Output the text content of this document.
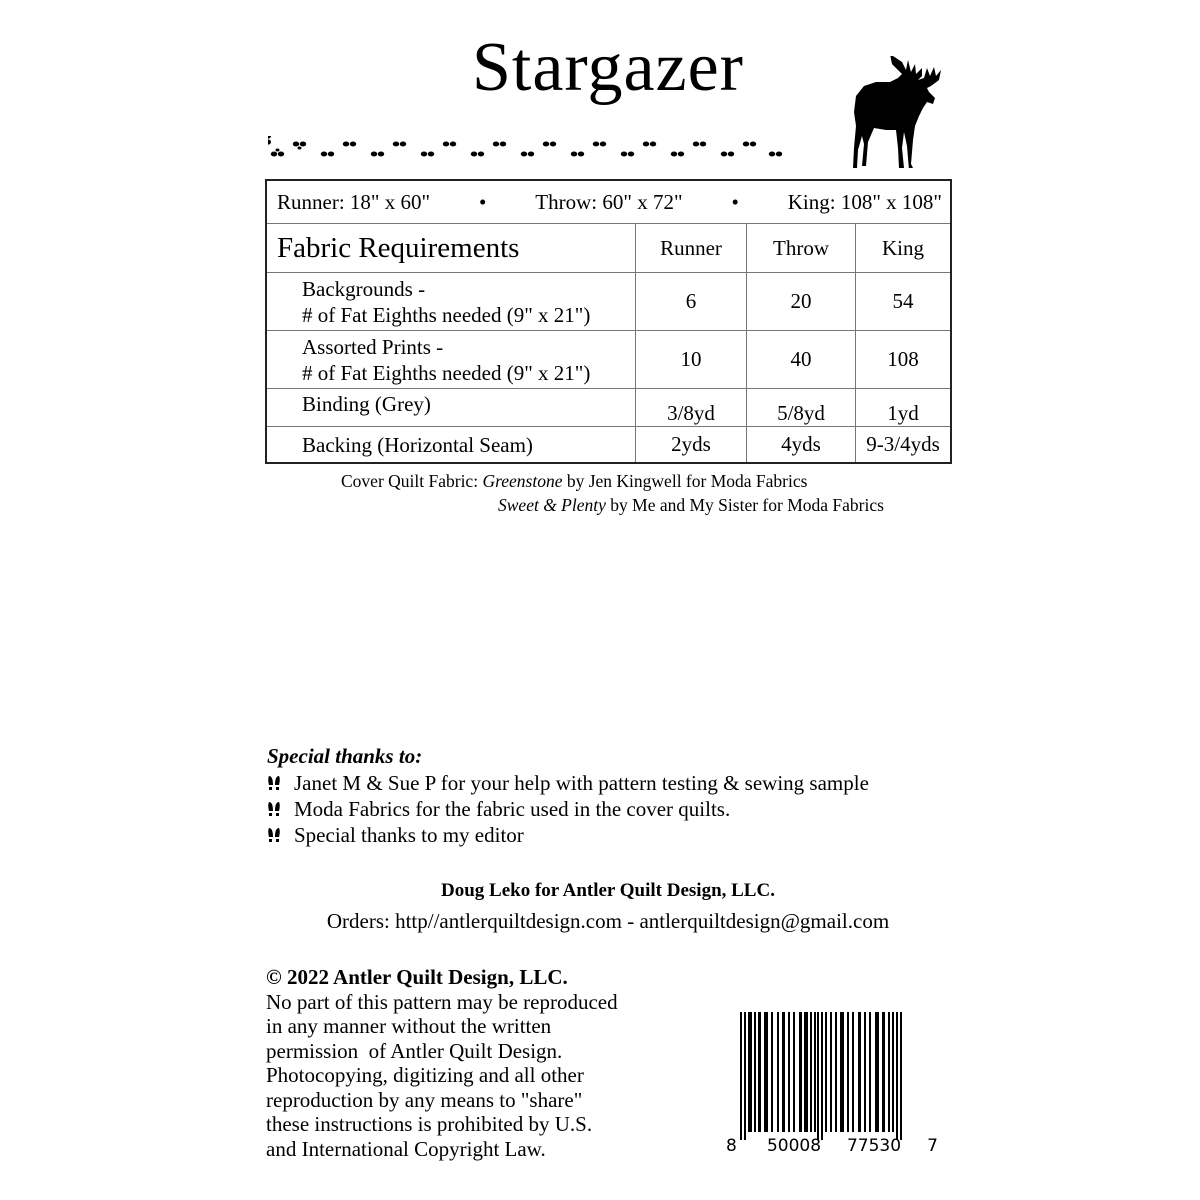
Stargazer
Runner: 18" x 60" • Throw: 60" x 72" • King: 108" x 108"			

Fabric Requirements	Runner	Throw	King
Backgrounds -
# of Fat Eighths needed (9" x 21")	6	20	54
Assorted Prints -
# of Fat Eighths needed (9" x 21")	10	40	108
Binding (Grey)	3/8yd	5/8yd	1yd
Backing (Horizontal Seam)	2yds	4yds	9-3/4yds
Cover Quilt Fabric: Greenstone by Jen Kingwell for Moda Fabrics
Sweet & Plenty by Me and My Sister for Moda Fabrics
Special thanks to:
Janet M & Sue P for your help with pattern testing & sewing sample
Moda Fabrics for the fabric used in the cover quilts.
Special thanks to my editor
Doug Leko for Antler Quilt Design, LLC.
Orders: http//antlerquiltdesign.com - antlerquiltdesign@gmail.com
© 2022 Antler Quilt Design, LLC.
No part of this pattern may be reproduced
in any manner without the written
permission  of Antler Quilt Design.
Photocopying, digitizing and all other
reproduction by any means to "share"
these instructions is prohibited by U.S.
and International Copyright Law.	8	50008	77530	7
